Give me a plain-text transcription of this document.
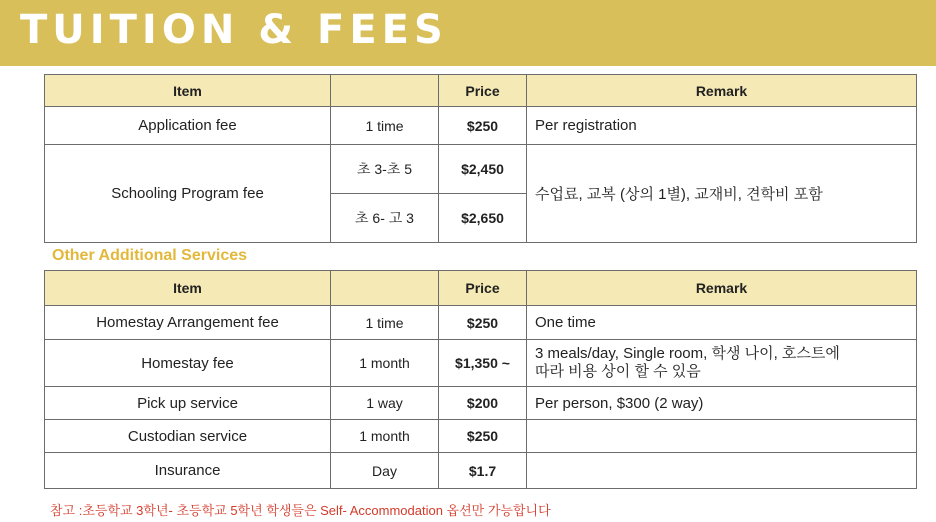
TUITION & FEES
Item		Price	Remark
Application fee	1 time	$250	Per registration
Schooling Program fee	초 3-초 5	$2,450	수업료, 교복 (상의 1별), 교재비, 견학비 포함
	초 6- 고 3	$2,650	
Other Additional Services
Item		Price	Remark
Homestay Arrangement fee	1 time	$250	One time
Homestay fee	1 month	$1,350 ~	3 meals/day, Single room, 학생 나이, 호스트에
따라 비용 상이 할 수 있음

Pick up service	1 way	$200	Per person, $300 (2 way)
Custodian service	1 month	$250	
Insurance	Day	$1.7	
참고 :초등학교 3학년- 초등학교 5학년 학생들은 Self- Accommodation 옵션만 가능합니다
